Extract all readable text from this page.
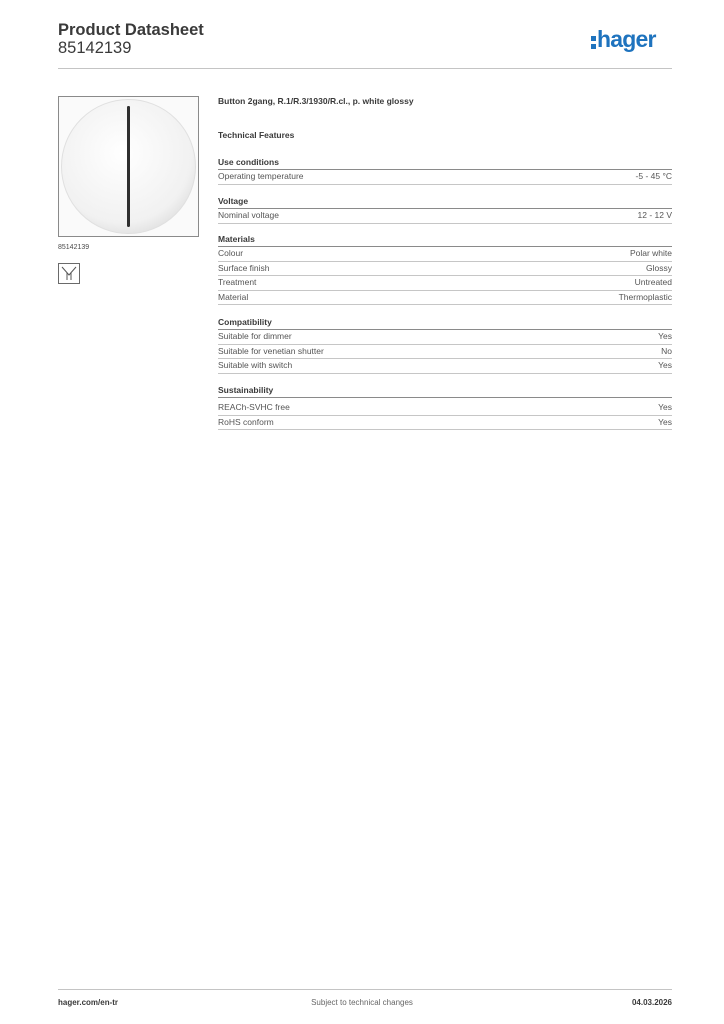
Product Datasheet
85142139	hager
85142139
Button 2gang, R.1/R.3/1930/R.cl., p. white glossy
Technical Features
Use conditions
Operating temperature	-5 - 45 °C
Voltage
Nominal voltage	12 - 12 V
Materials
Colour	Polar white
Surface finish	Glossy
Treatment	Untreated
Material	Thermoplastic
Compatibility
Suitable for dimmer	Yes
Suitable for venetian shutter	No
Suitable with switch	Yes
Sustainability
REACh-SVHC free	Yes
RoHS conform	Yes
hager.com/en-tr	Subject to technical changes	04.03.2026
